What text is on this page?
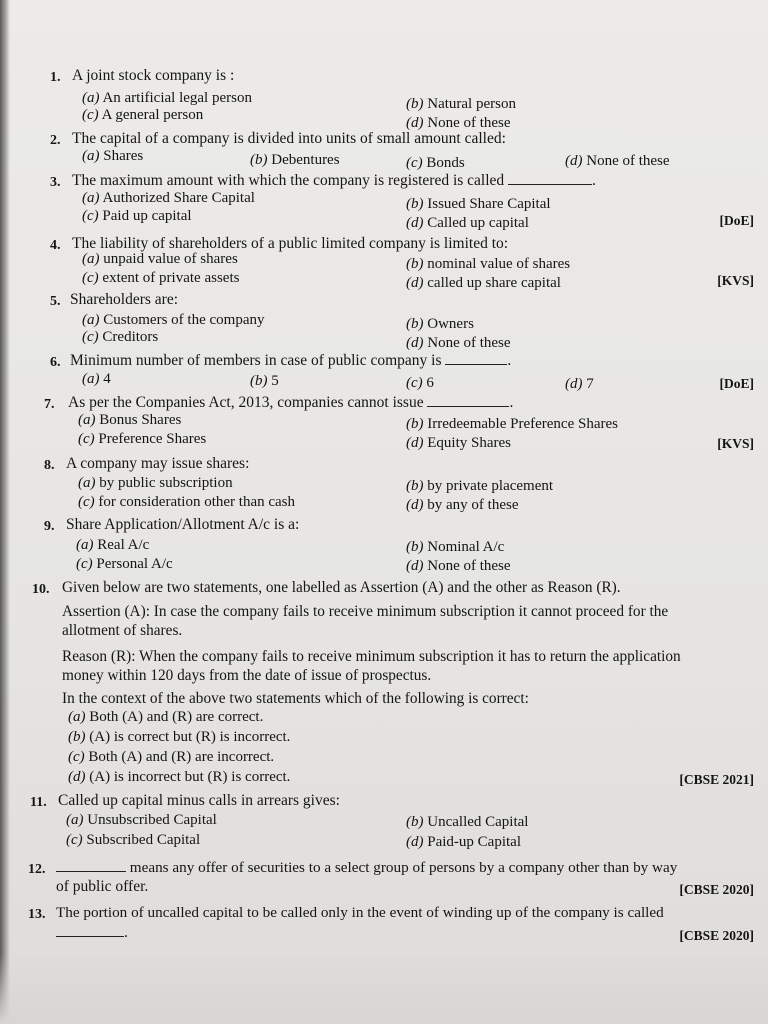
1. A joint stock company is :
(a) An artificial legal person	(b) Natural person
(c) A general person	(d) None of these
2. The capital of a company is divided into units of small amount called:
(a) Shares	(b) Debentures	(c) Bonds	(d) None of these
3. The maximum amount with which the company is registered is called	.
(a) Authorized Share Capital	(b) Issued Share Capital
(c) Paid up capital	(d) Called up capital	[DoE]
4. The liability of shareholders of a public limited company is limited to:
(a) unpaid value of shares	(b) nominal value of shares
(c) extent of private assets	(d) called up share capital	[KVS]
5. Shareholders are:
(a) Customers of the company	(b) Owners
(c) Creditors	(d) None of these
6. Minimum number of members in case of public company is	.
(a) 4	(b) 5	(c) 6	(d) 7	[DoE]
7. As per the Companies Act, 2013, companies cannot issue	.
(a) Bonus Shares	(b) Irredeemable Preference Shares
(c) Preference Shares	(d) Equity Shares	[KVS]
8. A company may issue shares:
(a) by public subscription	(b) by private placement
(c) for consideration other than cash	(d) by any of these
9. Share Application/Allotment A/c is a:
(a) Real A/c	(b) Nominal A/c
(c) Personal A/c	(d) None of these
10. Given below are two statements, one labelled as Assertion (A) and the other as Reason (R).
Assertion (A): In case the company fails to receive minimum subscription it cannot proceed for the
allotment of shares.
Reason (R): When the company fails to receive minimum subscription it has to return the application
money within 120 days from the date of issue of prospectus.
In the context of the above two statements which of the following is correct:
(a) Both (A) and (R) are correct.
(b) (A) is correct but (R) is incorrect.
(c) Both (A) and (R) are incorrect.
(d) (A) is incorrect but (R) is correct.	[CBSE 2021]
11. Called up capital minus calls in arrears gives:
(a) Unsubscribed Capital	(b) Uncalled Capital
(c) Subscribed Capital	(d) Paid-up Capital
12.	means any offer of securities to a select group of persons by a company other than by way
of public offer.	[CBSE 2020]
13. The portion of uncalled capital to be called only in the event of winding up of the company is called
.	[CBSE 2020]
